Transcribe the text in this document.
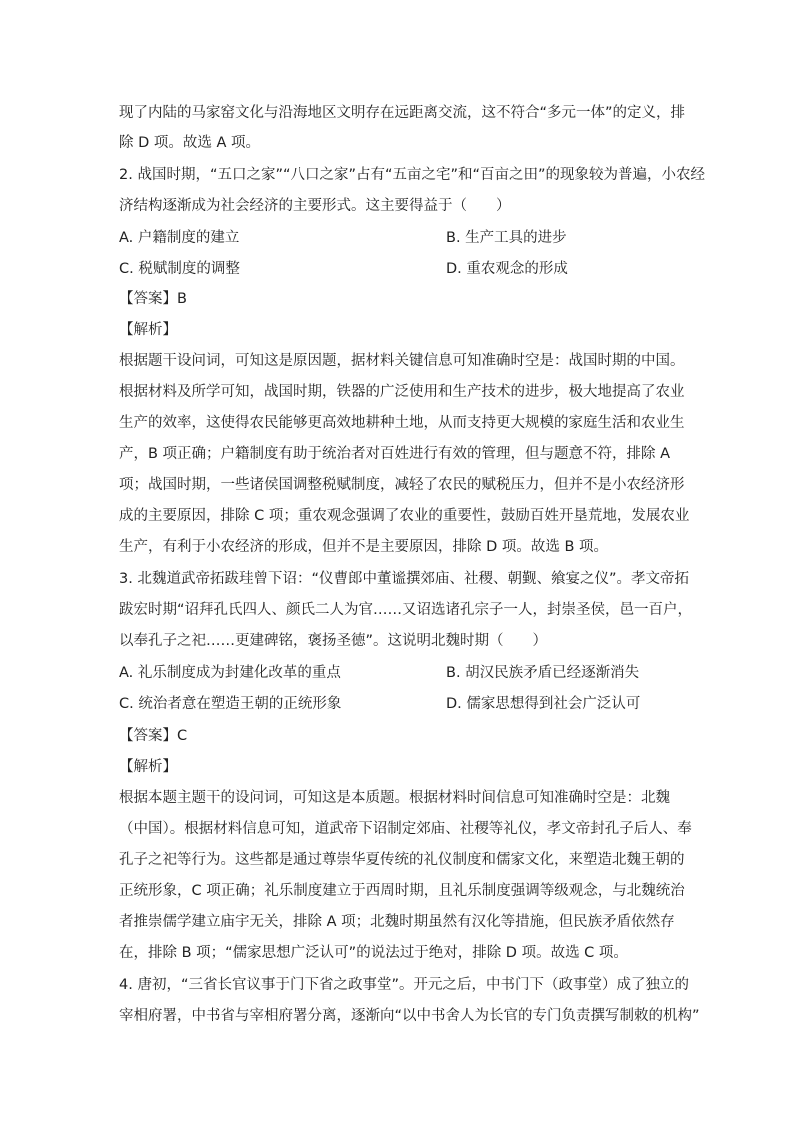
现了内陆的马家窑文化与沿海地区文明存在远距离交流，这不符合“多元一体”的定义，排
除 D 项。故选 A 项。
2. 战国时期，“五口之家”“八口之家”占有“五亩之宅”和“百亩之田”的现象较为普遍，小农经
济结构逐渐成为社会经济的主要形式。这主要得益于（　　）
A. 户籍制度的建立	B. 生产工具的进步
C. 税赋制度的调整	D. 重农观念的形成
【答案】B
【解析】
根据题干设问词，可知这是原因题，据材料关键信息可知准确时空是：战国时期的中国。
根据材料及所学可知，战国时期，铁器的广泛使用和生产技术的进步，极大地提高了农业
生产的效率，这使得农民能够更高效地耕种土地，从而支持更大规模的家庭生活和农业生
产，B 项正确；户籍制度有助于统治者对百姓进行有效的管理，但与题意不符，排除 A
项；战国时期，一些诸侯国调整税赋制度，减轻了农民的赋税压力，但并不是小农经济形
成的主要原因，排除 C 项；重农观念强调了农业的重要性，鼓励百姓开垦荒地，发展农业
生产，有利于小农经济的形成，但并不是主要原因，排除 D 项。故选 B 项。
3. 北魏道武帝拓跋珪曾下诏：“仪曹郎中董谧撰郊庙、社稷、朝觐、飨宴之仪”。孝文帝拓
跋宏时期“诏拜孔氏四人、颜氏二人为官……又诏选诸孔宗子一人，封崇圣侯，邑一百户，
以奉孔子之祀……更建碑铭，褒扬圣德”。这说明北魏时期（　　）
A. 礼乐制度成为封建化改革的重点	B. 胡汉民族矛盾已经逐渐消失
C. 统治者意在塑造王朝的正统形象	D. 儒家思想得到社会广泛认可
【答案】C
【解析】
根据本题主题干的设问词，可知这是本质题。根据材料时间信息可知准确时空是：北魏
（中国）。根据材料信息可知，道武帝下诏制定郊庙、社稷等礼仪，孝文帝封孔子后人、奉
孔子之祀等行为。这些都是通过尊崇华夏传统的礼仪制度和儒家文化，来塑造北魏王朝的
正统形象，C 项正确；礼乐制度建立于西周时期，且礼乐制度强调等级观念，与北魏统治
者推崇儒学建立庙宇无关，排除 A 项；北魏时期虽然有汉化等措施，但民族矛盾依然存
在，排除 B 项；“儒家思想广泛认可”的说法过于绝对，排除 D 项。故选 C 项。
4. 唐初，“三省长官议事于门下省之政事堂”。开元之后，中书门下（政事堂）成了独立的
宰相府署，中书省与宰相府署分离，逐渐向“以中书舍人为长官的专门负责撰写制敕的机构”
